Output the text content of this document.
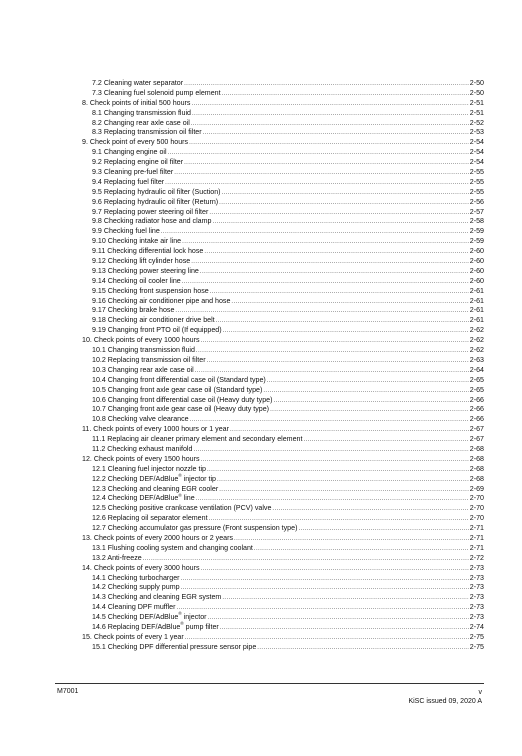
7.2 Cleaning water separator .....	2-50
7.3 Cleaning fuel solenoid pump element .....	2-50
8. Check points of initial 500 hours .....	2-51
8.1 Changing transmission fluid .....	2-51
8.2 Changing rear axle case oil .....	2-52
8.3 Replacing transmission oil filter .....	2-53
9. Check point of every 500 hours .....	2-54
9.1 Changing engine oil .....	2-54
9.2 Replacing engine oil filter .....	2-54
9.3 Cleaning pre-fuel filter .....	2-55
9.4 Replacing fuel filter .....	2-55
9.5 Replacing hydraulic oil filter (Suction) .....	2-55
9.6 Replacing hydraulic oil filter (Return) .....	2-56
9.7 Replacing power steering oil filter .....	2-57
9.8 Checking radiator hose and clamp .....	2-58
9.9 Checking fuel line .....	2-59
9.10 Checking intake air line .....	2-59
9.11 Checking differential lock hose .....	2-60
9.12 Checking lift cylinder hose .....	2-60
9.13 Checking power steering line .....	2-60
9.14 Checking oil cooler line .....	2-60
9.15 Checking front suspension hose .....	2-61
9.16 Checking air conditioner pipe and hose .....	2-61
9.17 Checking brake hose .....	2-61
9.18 Checking air conditioner drive belt .....	2-61
9.19 Changing front PTO oil (If equipped) .....	2-62
10. Check points of every 1000 hours .....	2-62
10.1 Changing transmission fluid .....	2-62
10.2 Replacing transmission oil filter .....	2-63
10.3 Changing rear axle case oil .....	2-64
10.4 Changing front differential case oil (Standard type) .....	2-65
10.5 Changing front axle gear case oil (Standard type) .....	2-65
10.6 Changing front differential case oil (Heavy duty type) .....	2-66
10.7 Changing front axle gear case oil (Heavy duty type) .....	2-66
10.8 Checking valve clearance .....	2-66
11. Check points of every 1000 hours or 1 year .....	2-67
11.1 Replacing air cleaner primary element and secondary element .....	2-67
11.2 Checking exhaust manifold .....	2-68
12. Check points of every 1500 hours .....	2-68
12.1 Cleaning fuel injector nozzle tip .....	2-68
12.2 Checking DEF/AdBlue® injector tip .....	2-68
12.3 Checking and cleaning EGR cooler .....	2-69
12.4 Checking DEF/AdBlue® line .....	2-70
12.5 Checking positive crankcase ventilation (PCV) valve .....	2-70
12.6 Replacing oil separator element .....	2-70
12.7 Checking accumulator gas pressure (Front suspension type) .....	2-71
13. Check points of every 2000 hours or 2 years .....	2-71
13.1 Flushing cooling system and changing coolant .....	2-71
13.2 Anti-freeze .....	2-72
14. Check points of every 3000 hours .....	2-73
14.1 Checking turbocharger .....	2-73
14.2 Checking supply pump .....	2-73
14.3 Checking and cleaning EGR system .....	2-73
14.4 Cleaning DPF muffler .....	2-73
14.5 Checking DEF/AdBlue® injector .....	2-73
14.6 Replacing DEF/AdBlue® pump filter .....	2-74
15. Check points of every 1 year .....	2-75
15.1 Checking DPF differential pressure sensor pipe .....	2-75
M7001	v
KiSC issued 09, 2020 A
